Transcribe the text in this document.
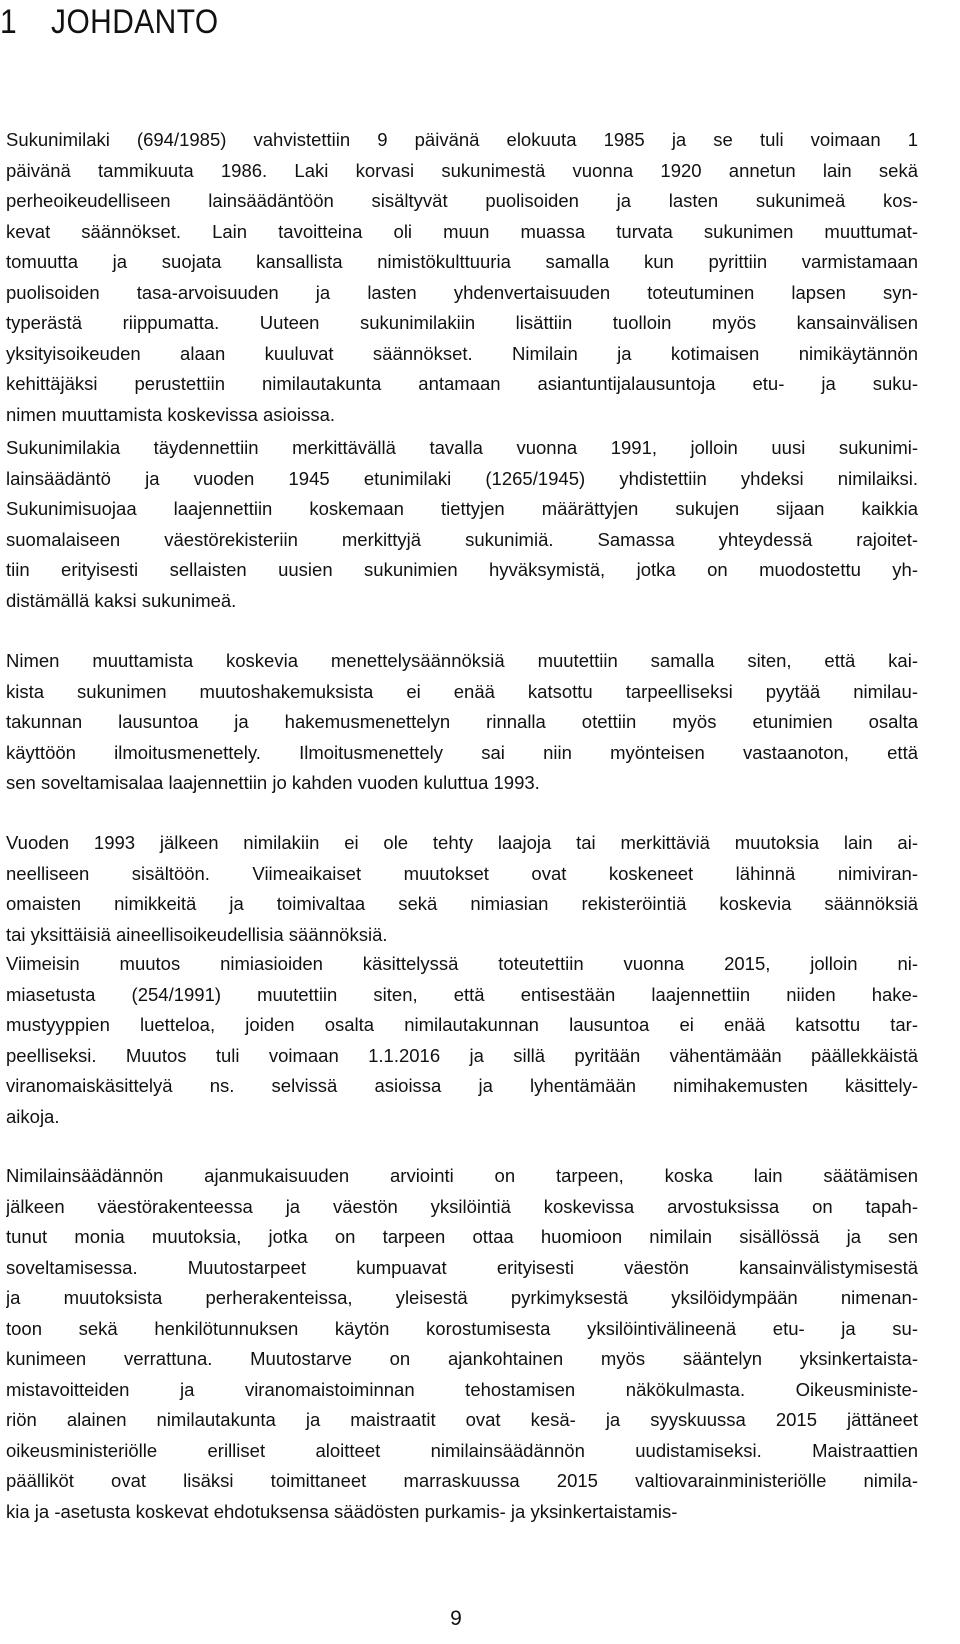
1 JOHDANTO
Sukunimilaki (694/1985) vahvistettiin 9 päivänä elokuuta 1985 ja se tuli voimaan 1
päivänä tammikuuta 1986. Laki korvasi sukunimestä vuonna 1920 annetun lain sekä
perheoikeudelliseen lainsäädäntöön sisältyvät puolisoiden ja lasten sukunimeä kos-
kevat säännökset. Lain tavoitteina oli muun muassa turvata sukunimen muuttumat-
tomuutta ja suojata kansallista nimistökulttuuria samalla kun pyrittiin varmistamaan
puolisoiden tasa-arvoisuuden ja lasten yhdenvertaisuuden toteutuminen lapsen syn-
typerästä riippumatta. Uuteen sukunimilakiin lisättiin tuolloin myös kansainvälisen
yksityisoikeuden alaan kuuluvat säännökset. Nimilain ja kotimaisen nimikäytännön
kehittäjäksi perustettiin nimilautakunta antamaan asiantuntijalausuntoja etu- ja suku-
nimen muuttamista koskevissa asioissa.
Sukunimilakia täydennettiin merkittävällä tavalla vuonna 1991, jolloin uusi sukunimi-
lainsäädäntö ja vuoden 1945 etunimilaki (1265/1945) yhdistettiin yhdeksi nimilaiksi.
Sukunimisuojaa laajennettiin koskemaan tiettyjen määrättyjen sukujen sijaan kaikkia
suomalaiseen väestörekisteriin merkittyjä sukunimiä. Samassa yhteydessä rajoitet-
tiin erityisesti sellaisten uusien sukunimien hyväksymistä, jotka on muodostettu yh-
distämällä kaksi sukunimeä.
Nimen muuttamista koskevia menettelysäännöksiä muutettiin samalla siten, että kai-
kista sukunimen muutoshakemuksista ei enää katsottu tarpeelliseksi pyytää nimilau-
takunnan lausuntoa ja hakemusmenettelyn rinnalla otettiin myös etunimien osalta
käyttöön ilmoitusmenettely. Ilmoitusmenettely sai niin myönteisen vastaanoton, että
sen soveltamisalaa laajennettiin jo kahden vuoden kuluttua 1993.
Vuoden 1993 jälkeen nimilakiin ei ole tehty laajoja tai merkittäviä muutoksia lain ai-
neelliseen sisältöön. Viimeaikaiset muutokset ovat koskeneet lähinnä nimiviran-
omaisten nimikkeitä ja toimivaltaa sekä nimiasian rekisteröintiä koskevia säännöksiä
tai yksittäisiä aineellisoikeudellisia säännöksiä.
Viimeisin muutos nimiasioiden käsittelyssä toteutettiin vuonna 2015, jolloin ni-
miasetusta (254/1991) muutettiin siten, että entisestään laajennettiin niiden hake-
mustyyppien luetteloa, joiden osalta nimilautakunnan lausuntoa ei enää katsottu tar-
peelliseksi. Muutos tuli voimaan 1.1.2016 ja sillä pyritään vähentämään päällekkäistä
viranomaiskäsittelyä ns. selvissä asioissa ja lyhentämään nimihakemusten käsittely-
aikoja.
Nimilainsäädännön ajanmukaisuuden arviointi on tarpeen, koska lain säätämisen
jälkeen väestörakenteessa ja väestön yksilöintiä koskevissa arvostuksissa on tapah-
tunut monia muutoksia, jotka on tarpeen ottaa huomioon nimilain sisällössä ja sen
soveltamisessa. Muutostarpeet kumpuavat erityisesti väestön kansainvälistymisestä
ja muutoksista perherakenteissa, yleisestä pyrkimyksestä yksilöidympään nimenan-
toon sekä henkilötunnuksen käytön korostumisesta yksilöintivälineenä etu- ja su-
kunimeen verrattuna. Muutostarve on ajankohtainen myös sääntelyn yksinkertaista-
mistavoitteiden ja viranomaistoiminnan tehostamisen näkökulmasta. Oikeusministe-
riön alainen nimilautakunta ja maistraatit ovat kesä- ja syyskuussa 2015 jättäneet
oikeusministeriölle erilliset aloitteet nimilainsäädännön uudistamiseksi. Maistraattien
päälliköt ovat lisäksi toimittaneet marraskuussa 2015 valtiovarainministeriölle nimila-
kia ja -asetusta koskevat ehdotuksensa säädösten purkamis- ja yksinkertaistamis-
9
